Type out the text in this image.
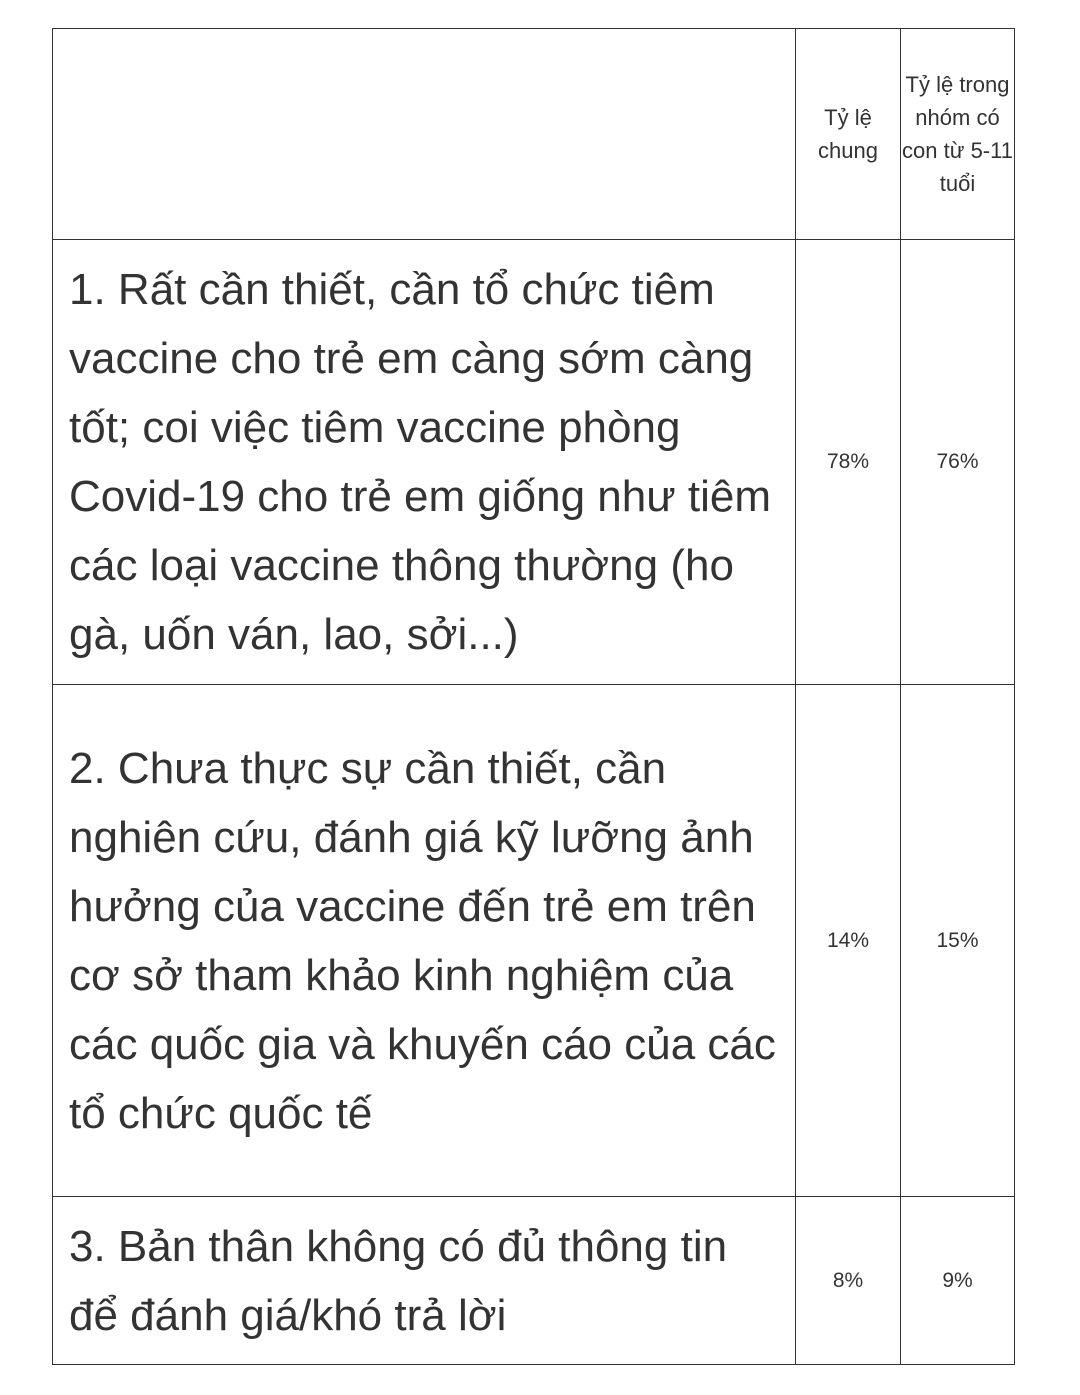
	Tỷ lệ chung	Tỷ lệ trong nhóm có con từ 5-11 tuổi
1. Rất cần thiết, cần tổ chức tiêm vaccine cho trẻ em càng sớm càng tốt; coi việc tiêm vaccine phòng Covid-19 cho trẻ em giống như tiêm các loại vaccine thông thường (ho gà, uốn ván, lao, sởi...)	78%	76%
2. Chưa thực sự cần thiết, cần nghiên cứu, đánh giá kỹ lưỡng ảnh hưởng của vaccine đến trẻ em trên cơ sở tham khảo kinh nghiệm của các quốc gia và khuyến cáo của các tổ chức quốc tế	14%	15%
3. Bản thân không có đủ thông tin để đánh giá/khó trả lời	8%	9%
